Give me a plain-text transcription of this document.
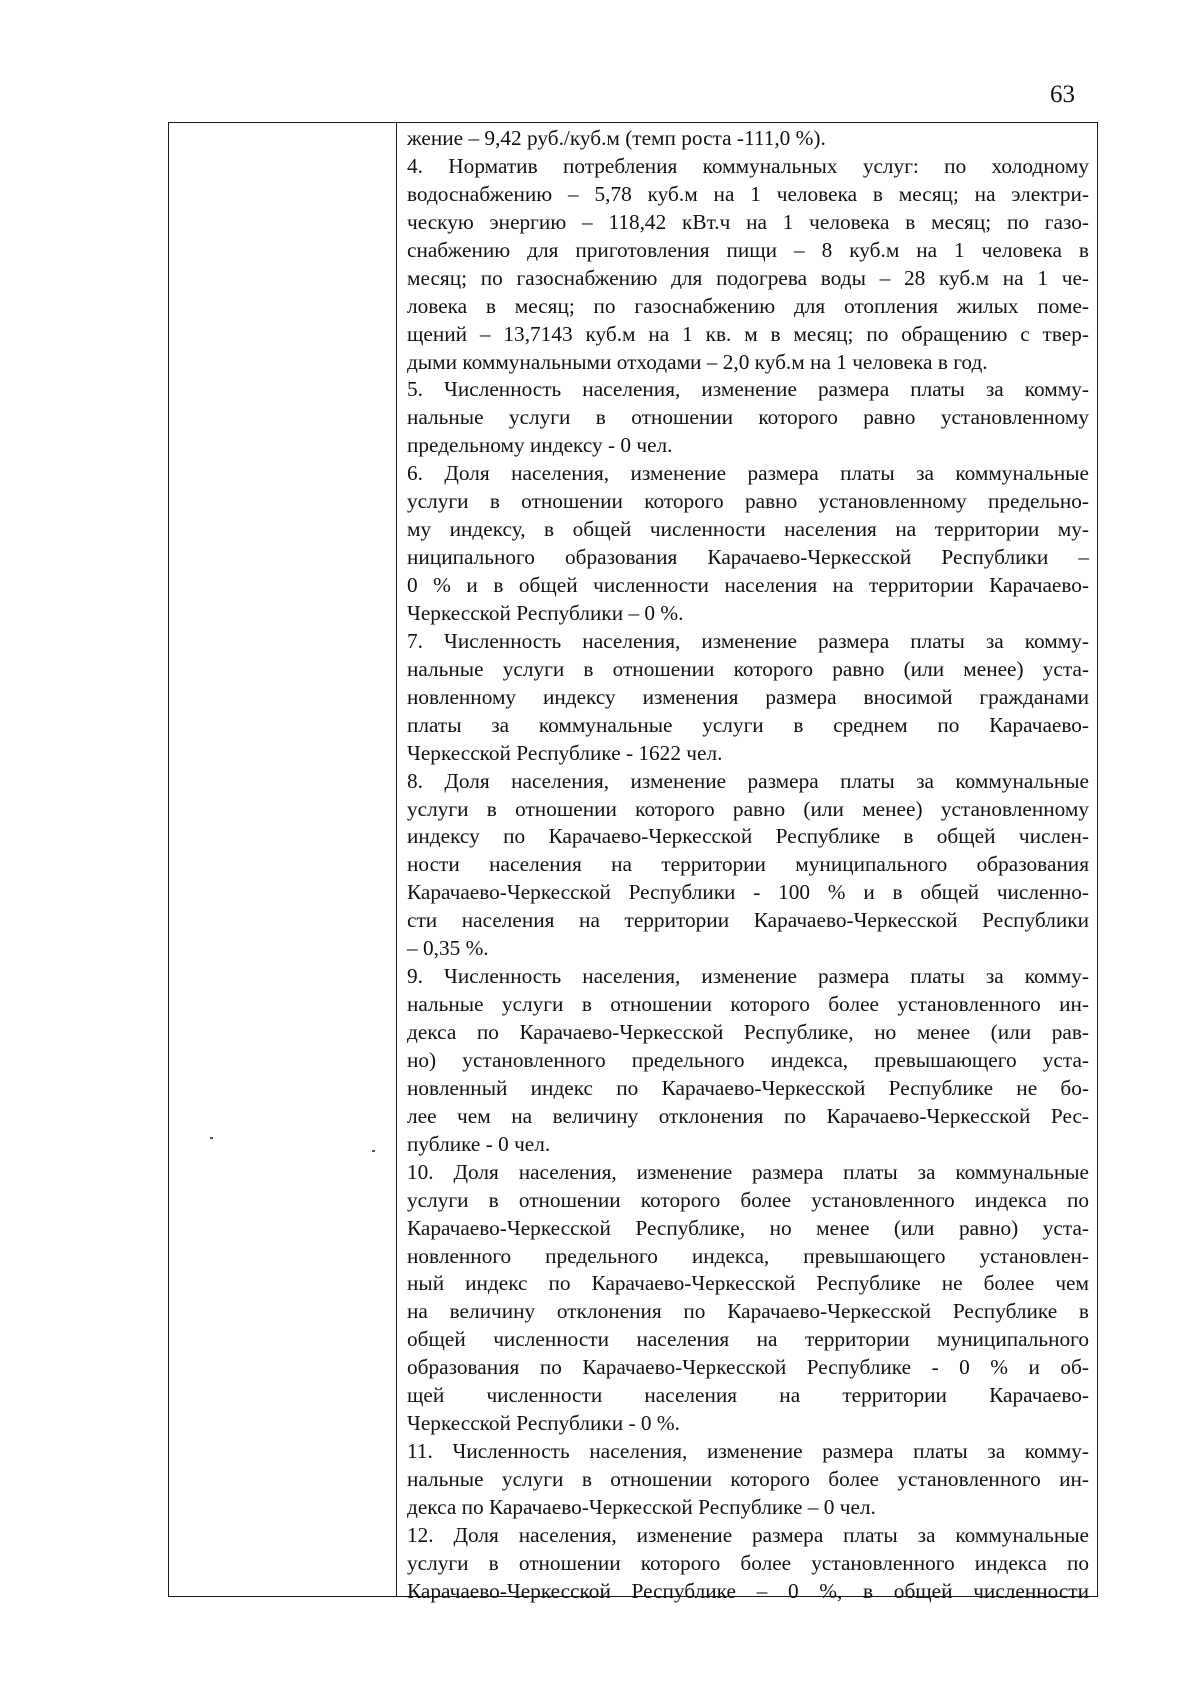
63
жение – 9,42 руб./куб.м (темп роста -111,0 %).
4. Норматив потребления коммунальных услуг: по холодному
водоснабжению – 5,78 куб.м на 1 человека в месяц; на электри-
ческую энергию – 118,42 кВт.ч на 1 человека в месяц; по газо-
снабжению для приготовления пищи – 8 куб.м на 1 человека в
месяц; по газоснабжению для подогрева воды – 28 куб.м на 1 че-
ловека в месяц; по газоснабжению для отопления жилых поме-
щений – 13,7143 куб.м на 1 кв. м в месяц; по обращению с твер-
дыми коммунальными отходами – 2,0 куб.м на 1 человека в год.
5. Численность населения, изменение размера платы за комму-
нальные услуги в отношении которого равно установленному
предельному индексу - 0 чел.
6. Доля населения, изменение размера платы за коммунальные
услуги в отношении которого равно установленному предельно-
му индексу, в общей численности населения на территории му-
ниципального образования Карачаево-Черкесской Республики –
0 % и в общей численности населения на территории Карачаево-
Черкесской Республики – 0 %.
7. Численность населения, изменение размера платы за комму-
нальные услуги в отношении которого равно (или менее) уста-
новленному индексу изменения размера вносимой гражданами
платы за коммунальные услуги в среднем по Карачаево-
Черкесской Республике - 1622 чел.
8. Доля населения, изменение размера платы за коммунальные
услуги в отношении которого равно (или менее) установленному
индексу по Карачаево-Черкесской Республике в общей числен-
ности населения на территории муниципального образования
Карачаево-Черкесской Республики - 100 % и в общей численно-
сти населения на территории Карачаево-Черкесской Республики
– 0,35 %.
9. Численность населения, изменение размера платы за комму-
нальные услуги в отношении которого более установленного ин-
декса по Карачаево-Черкесской Республике, но менее (или рав-
но) установленного предельного индекса, превышающего уста-
новленный индекс по Карачаево-Черкесской Республике не бо-
лее чем на величину отклонения по Карачаево-Черкесской Рес-
публике - 0 чел.
10. Доля населения, изменение размера платы за коммунальные
услуги в отношении которого более установленного индекса по
Карачаево-Черкесской Республике, но менее (или равно) уста-
новленного предельного индекса, превышающего установлен-
ный индекс по Карачаево-Черкесской Республике не более чем
на величину отклонения по Карачаево-Черкесской Республике в
общей численности населения на территории муниципального
образования по Карачаево-Черкесской Республике - 0 % и об-
щей численности населения на территории Карачаево-
Черкесской Республики - 0 %.
11. Численность населения, изменение размера платы за комму-
нальные услуги в отношении которого более установленного ин-
декса по Карачаево-Черкесской Республике – 0 чел.
12. Доля населения, изменение размера платы за коммунальные
услуги в отношении которого более установленного индекса по
Карачаево-Черкесской Республике – 0 %, в общей численности
